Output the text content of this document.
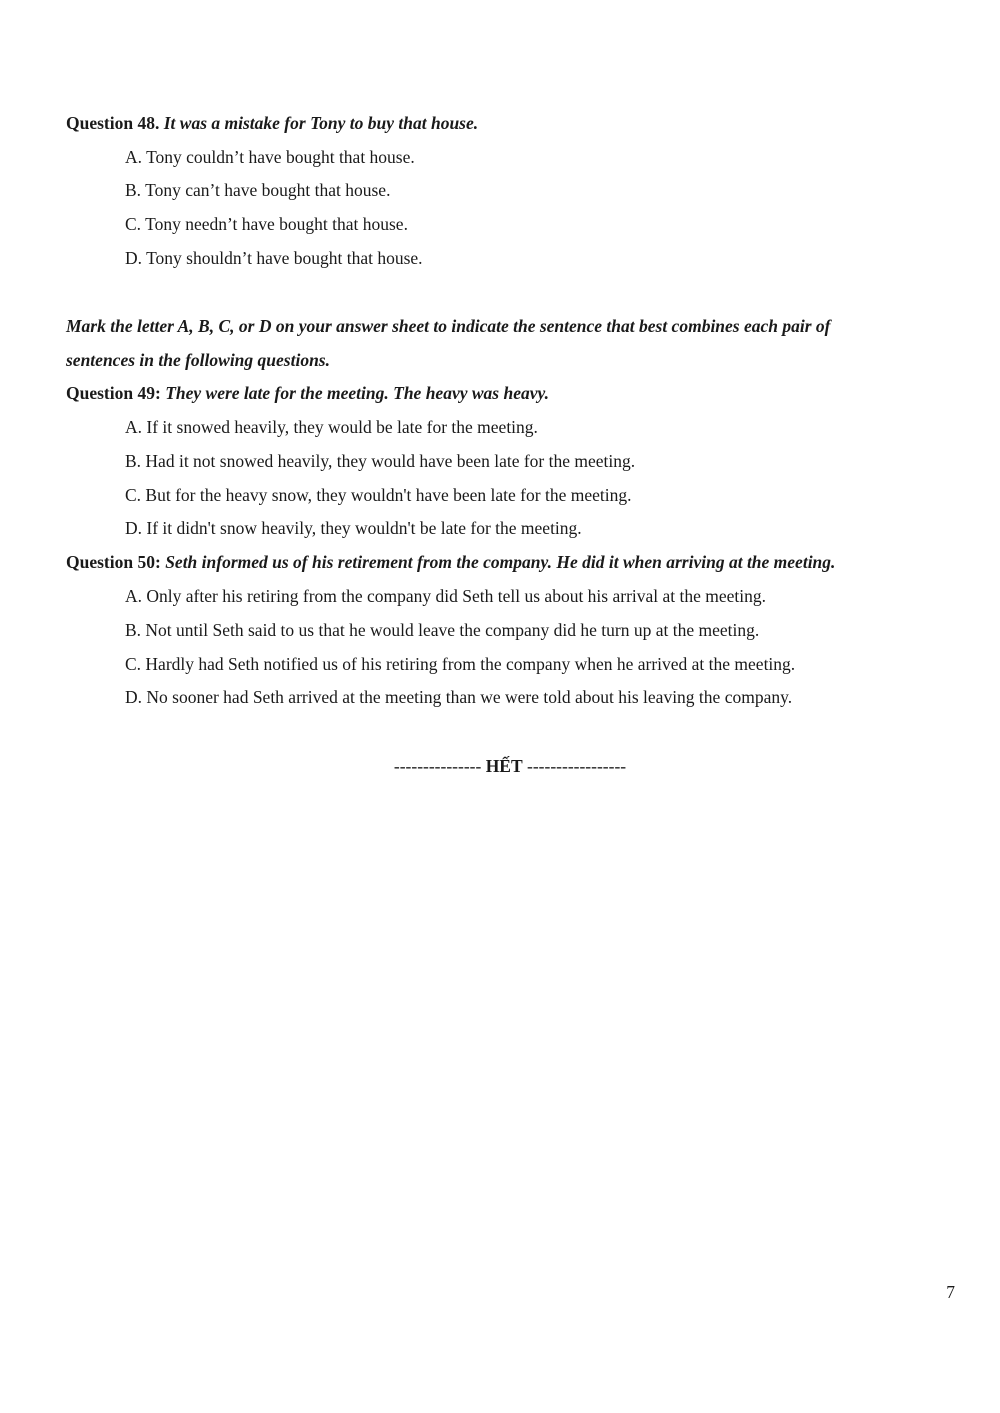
Question 48. It was a mistake for Tony to buy that house.
A. Tony couldn’t have bought that house.
B. Tony can’t have bought that house.
C. Tony needn’t have bought that house.
D. Tony shouldn’t have bought that house.
Mark the letter A, B, C, or D on your answer sheet to indicate the sentence that best combines each pair of
sentences in the following questions.
Question 49: They were late for the meeting. The heavy was heavy.
A. If it snowed heavily, they would be late for the meeting.
B. Had it not snowed heavily, they would have been late for the meeting.
C. But for the heavy snow, they wouldn't have been late for the meeting.
D. If it didn't snow heavily, they wouldn't be late for the meeting.
Question 50: Seth informed us of his retirement from the company. He did it when arriving at the meeting.
A. Only after his retiring from the company did Seth tell us about his arrival at the meeting.
B. Not until Seth said to us that he would leave the company did he turn up at the meeting.
C. Hardly had Seth notified us of his retiring from the company when he arrived at the meeting.
D. No sooner had Seth arrived at the meeting than we were told about his leaving the company.
--------------- HẾT -----------------
7
